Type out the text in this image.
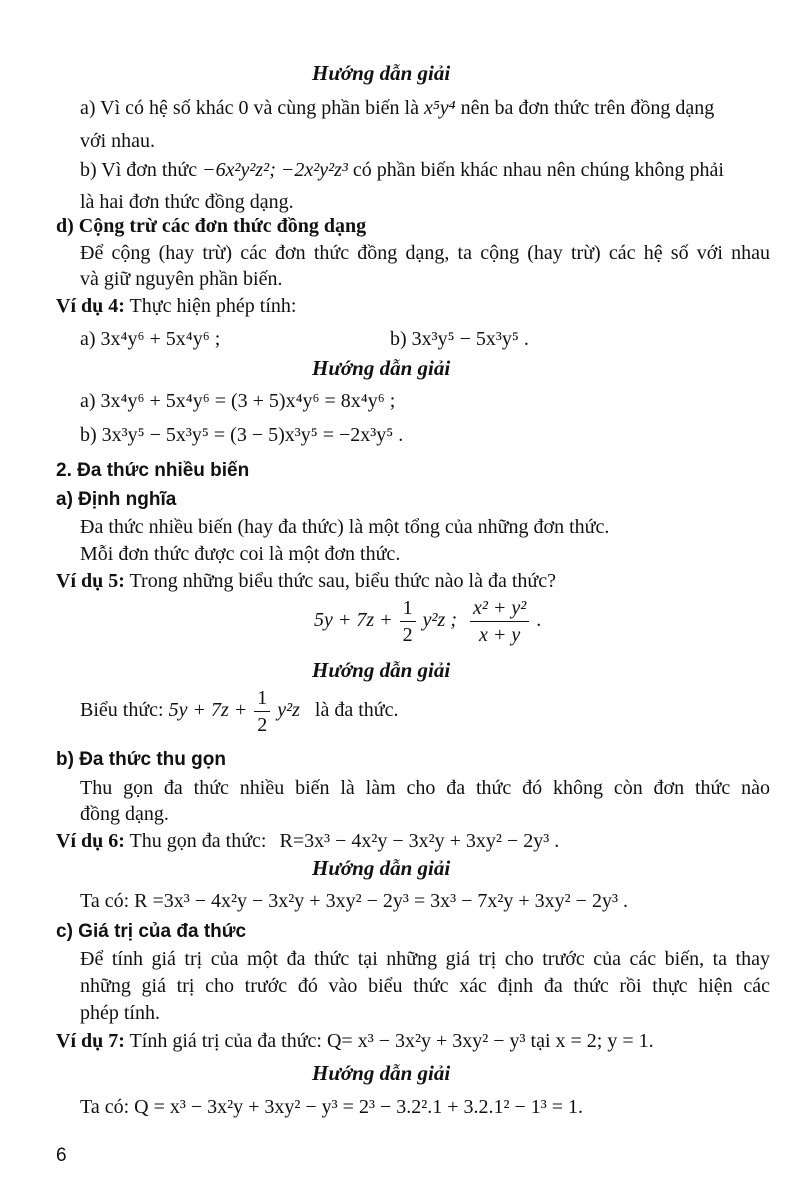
Hướng dẫn giải
a) Vì có hệ số khác 0 và cùng phần biến là x⁵y⁴ nên ba đơn thức trên đồng dạng
với nhau.
b) Vì đơn thức −6x²y²z²; −2x²y²z³ có phần biến khác nhau nên chúng không phải
là hai đơn thức đồng dạng.
d) Cộng trừ các đơn thức đồng dạng
Để cộng (hay trừ) các đơn thức đồng dạng, ta cộng (hay trừ) các hệ số với nhau
và giữ nguyên phần biến.
Ví dụ 4: Thực hiện phép tính:
a) 3x⁴y⁶ + 5x⁴y⁶ ;	b) 3x³y⁵ − 5x³y⁵ .
Hướng dẫn giải
a) 3x⁴y⁶ + 5x⁴y⁶ = (3 + 5)x⁴y⁶ = 8x⁴y⁶ ;
b) 3x³y⁵ − 5x³y⁵ = (3 − 5)x³y⁵ = −2x³y⁵ .
2. Đa thức nhiều biến
a) Định nghĩa
Đa thức nhiều biến (hay đa thức) là một tổng của những đơn thức.
Mỗi đơn thức được coi là một đơn thức.
Ví dụ 5: Trong những biểu thức sau, biểu thức nào là đa thức?
$5y + 7z + \frac{1}{2} y^2z$ ; $\frac{\text{x² + y²}}{x + y}$ .
Hướng dẫn giải
Biểu thức: $5y + 7z + \frac{1}{2} y^2z$ là đa thức.
b) Đa thức thu gọn
Thu gọn đa thức nhiều biến là làm cho đa thức đó không còn đơn thức nào
đồng dạng.
Ví dụ 6: Thu gọn đa thức: R=3x³ − 4x²y − 3x²y + 3xy² − 2y³ .
Hướng dẫn giải
Ta có: R =3x³ − 4x²y − 3x²y + 3xy² − 2y³ = 3x³ − 7x²y + 3xy² − 2y³ .
c) Giá trị của đa thức
Để tính giá trị của một đa thức tại những giá trị cho trước của các biến, ta thay
những giá trị cho trước đó vào biểu thức xác định đa thức rồi thực hiện các
phép tính.
Ví dụ 7: Tính giá trị của đa thức: Q= x³ − 3x²y + 3xy² − y³ tại x = 2; y = 1.
Hướng dẫn giải
Ta có: Q = x³ − 3x²y + 3xy² − y³ = 2³ − 3.2².1 + 3.2.1² − 1³ = 1.
6
